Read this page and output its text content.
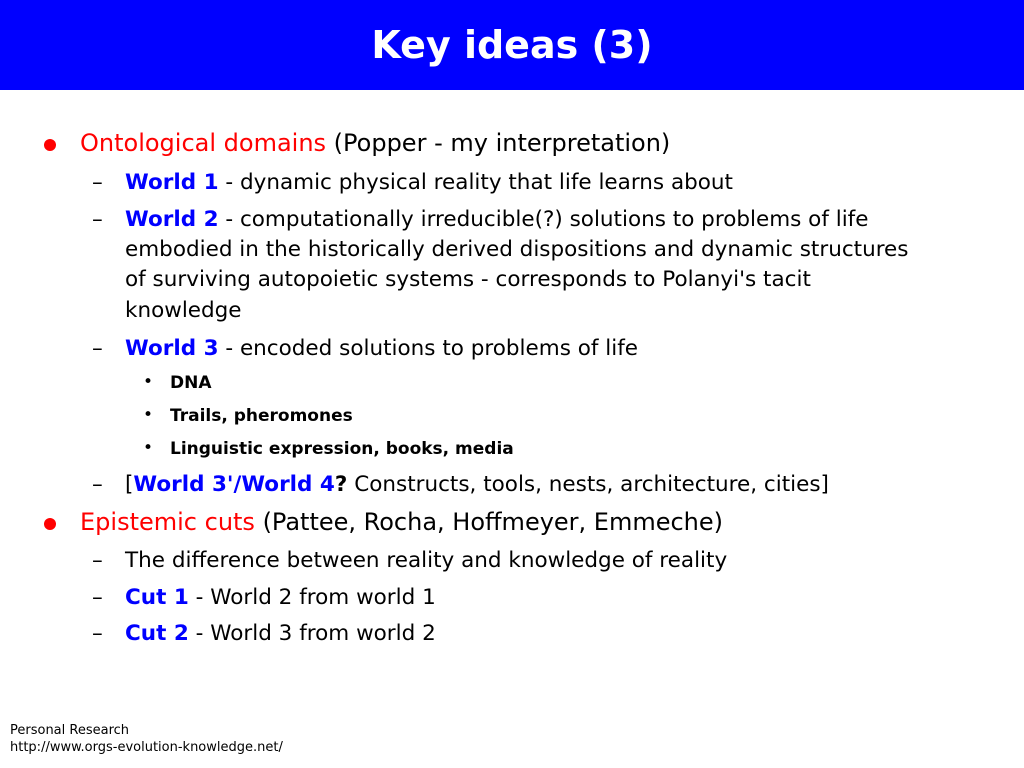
Key ideas (3)
Ontological domains (Popper - my interpretation)
– World 1 - dynamic physical reality that life learns about
– World 2 - computationally irreducible(?) solutions to problems of life
embodied in the historically derived dispositions and dynamic structures
of surviving autopoietic systems - corresponds to Polanyi's tacit
knowledge
– World 3 - encoded solutions to problems of life
• DNA
• Trails, pheromones
• Linguistic expression, books, media
– [World 3'/World 4? Constructs, tools, nests, architecture, cities]
Epistemic cuts (Pattee, Rocha, Hoffmeyer, Emmeche)
– The difference between reality and knowledge of reality
– Cut 1 - World 2 from world 1
– Cut 2 - World 3 from world 2
Personal Research
http://www.orgs-evolution-knowledge.net/
